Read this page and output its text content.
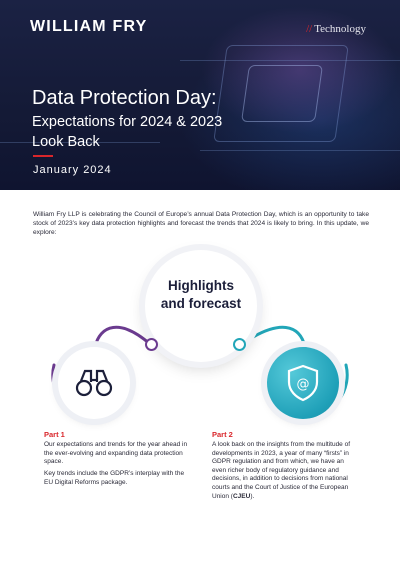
WILLIAM FRY	// Technology

Data Protection Day:

Expectations for 2024 & 2023

Look Back

January 2024

William Fry LLP is celebrating the Council of Europe’s annual Data Protection Day, which is an opportunity to take stock of 2023’s key data protection highlights and forecast the trends that 2024 is likely to bring. In this update, we explore:

Highlights
and forecast
@
Part 1

Our expectations and trends for the year ahead in the ever-evolving and expanding data protection space.

Key trends include the GDPR’s interplay with the EU Digital Reforms package.

Part 2

A look back on the insights from the multitude of developments in 2023, a year of many “firsts” in GDPR regulation and from which, we have an even richer body of regulatory guidance and decisions, in addition to decisions from national courts and the Court of Justice of the European Union (CJEU).
